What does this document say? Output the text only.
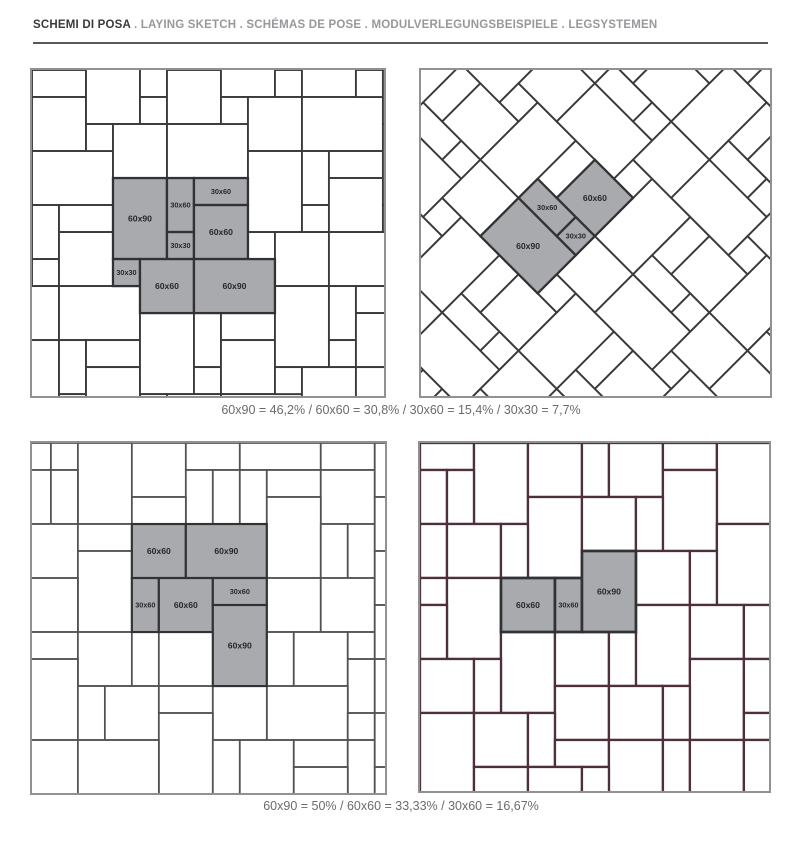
SCHEMI DI POSA . LAYING SKETCH . SCHÉMAS DE POSE . MODULVERLEGUNGSBEISPIELE . LEGSYSTEMEN
60x90 = 46,2% / 60x60 = 30,8% / 30x60 = 15,4% / 30x30 = 7,7%
60x90 = 50% / 60x60 = 33,33% / 30x60 = 16,67%
